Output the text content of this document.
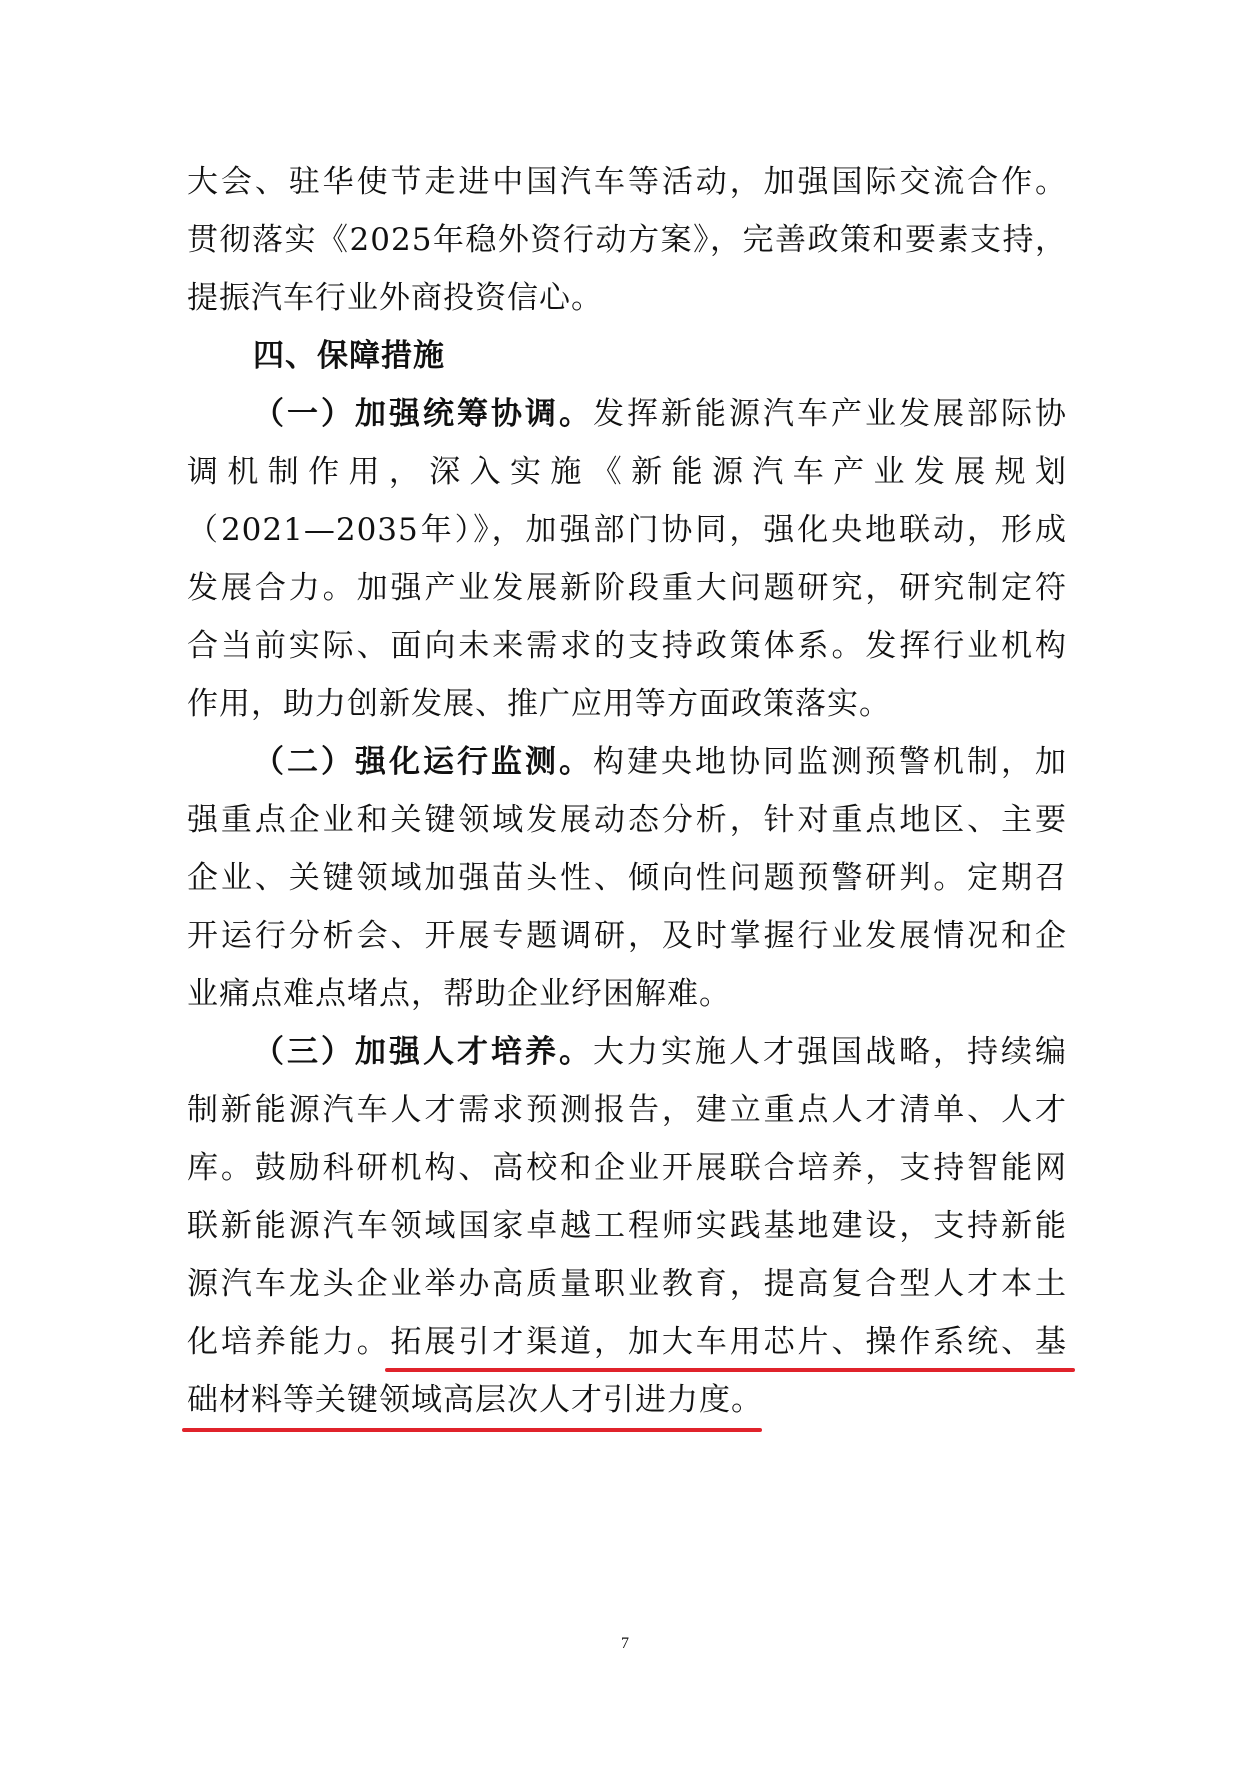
大会、驻华使节走进中国汽车等活动，加强国际交流合作。
贯彻落实《2025年稳外资行动方案》，完善政策和要素支持，
提振汽车行业外商投资信心。
四、保障措施
（一）加强统筹协调。发挥新能源汽车产业发展部际协
调机制作用，深入实施《新能源汽车产业发展规划
（2021—2035年）》，加强部门协同，强化央地联动，形成
发展合力。加强产业发展新阶段重大问题研究，研究制定符
合当前实际、面向未来需求的支持政策体系。发挥行业机构
作用，助力创新发展、推广应用等方面政策落实。
（二）强化运行监测。构建央地协同监测预警机制，加
强重点企业和关键领域发展动态分析，针对重点地区、主要
企业、关键领域加强苗头性、倾向性问题预警研判。定期召
开运行分析会、开展专题调研，及时掌握行业发展情况和企
业痛点难点堵点，帮助企业纾困解难。
（三）加强人才培养。大力实施人才强国战略，持续编
制新能源汽车人才需求预测报告，建立重点人才清单、人才
库。鼓励科研机构、高校和企业开展联合培养，支持智能网
联新能源汽车领域国家卓越工程师实践基地建设，支持新能
源汽车龙头企业举办高质量职业教育，提高复合型人才本土
化培养能力。拓展引才渠道，加大车用芯片、操作系统、基
础材料等关键领域高层次人才引进力度。
7
